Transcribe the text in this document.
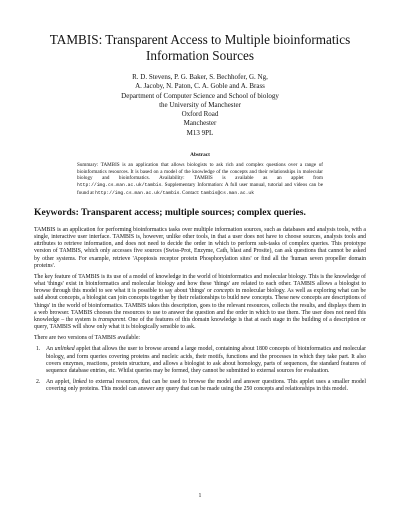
TAMBIS: Transparent Access to Multiple bioinformatics
Information Sources
R. D. Stevens, P. G. Baker, S. Bechhofer, G. Ng,
A. Jacoby, N. Paton, C. A. Goble and A. Brass
Department of Computer Science and School of biology
the University of Manchester
Oxford Road
Manchester
M13 9PL
Abstract

Summary: TAMBIS is an application that allows biologists to ask rich and complex questions over a range of bioinformatics resources. It is based on a model of the knowledge of the concepts and their relationships in molecular biology and bioinformatics. Availability: TAMBIS is available as an applet from http://img.cs.man.ac.uk/tambis. Supplementary Information: A full user manual, tutorial and videos can be found at http://img.cs.man.ac.uk/tambis. Contact: tambis@cs.man.ac.uk

Keywords: Transparent access; multiple sources; complex queries.

TAMBIS is an application for performing bioinformatics tasks over multiple information sources, such as databases and analysis tools, with a single, interactive user interface. TAMBIS is, however, unlike other tools, in that a user does not have to choose sources, analysis tools and attributes to retrieve information, and does not need to decide the order in which to perform sub-tasks of complex queries. This prototype version of TAMBIS, which only accesses five sources (Swiss-Prot, Enzyme, Cath, blast and Prosite), can ask questions that cannot be asked by other systems. For example, retrieve 'Apoptosis receptor protein Phosphorylation sites' or find all the 'human seven propeller domain proteins'.

The key feature of TAMBIS is its use of a model of knowledge in the world of bioinformatics and molecular biology. This is the knowledge of what 'things' exist in bioinformatics and molecular biology and how these 'things' are related to each other. TAMBIS allows a biologist to browse through this model to see what it is possible to say about 'things' or concepts in molecular biology. As well as exploring what can be said about concepts, a biologist can join concepts together by their relationships to build new concepts. These new concepts are descriptions of 'things' in the world of bioinformatics. TAMBIS takes this description, goes to the relevant resources, collects the results, and displays them in a web browser. TAMBIS chooses the resources to use to answer the question and the order in which to use them. The user does not need this knowledge – the system is transparent. One of the features of this domain knowledge is that at each stage in the building of a description or query, TAMBIS will show only what it is biologically sensible to ask.

There are two versions of TAMBIS available:

1. An unlinked applet that allows the user to browse around a large model, containing about 1800 concepts of bioinformatics and molecular biology, and form queries covering proteins and nucleic acids, their motifs, functions and the processes in which they take part. It also covers enzymes, reactions, protein structure, and allows a biologist to ask about homology, parts of sequences, the standard features of sequence database entries, etc. Whilst queries may be formed, they cannot be submitted to external sources for evaluation.
2. An applet, linked to external resources, that can be used to browse the model and answer questions. This applet uses a smaller model covering only proteins. This model can answer any query that can be made using the 250 concepts and relationships in this model.
1
